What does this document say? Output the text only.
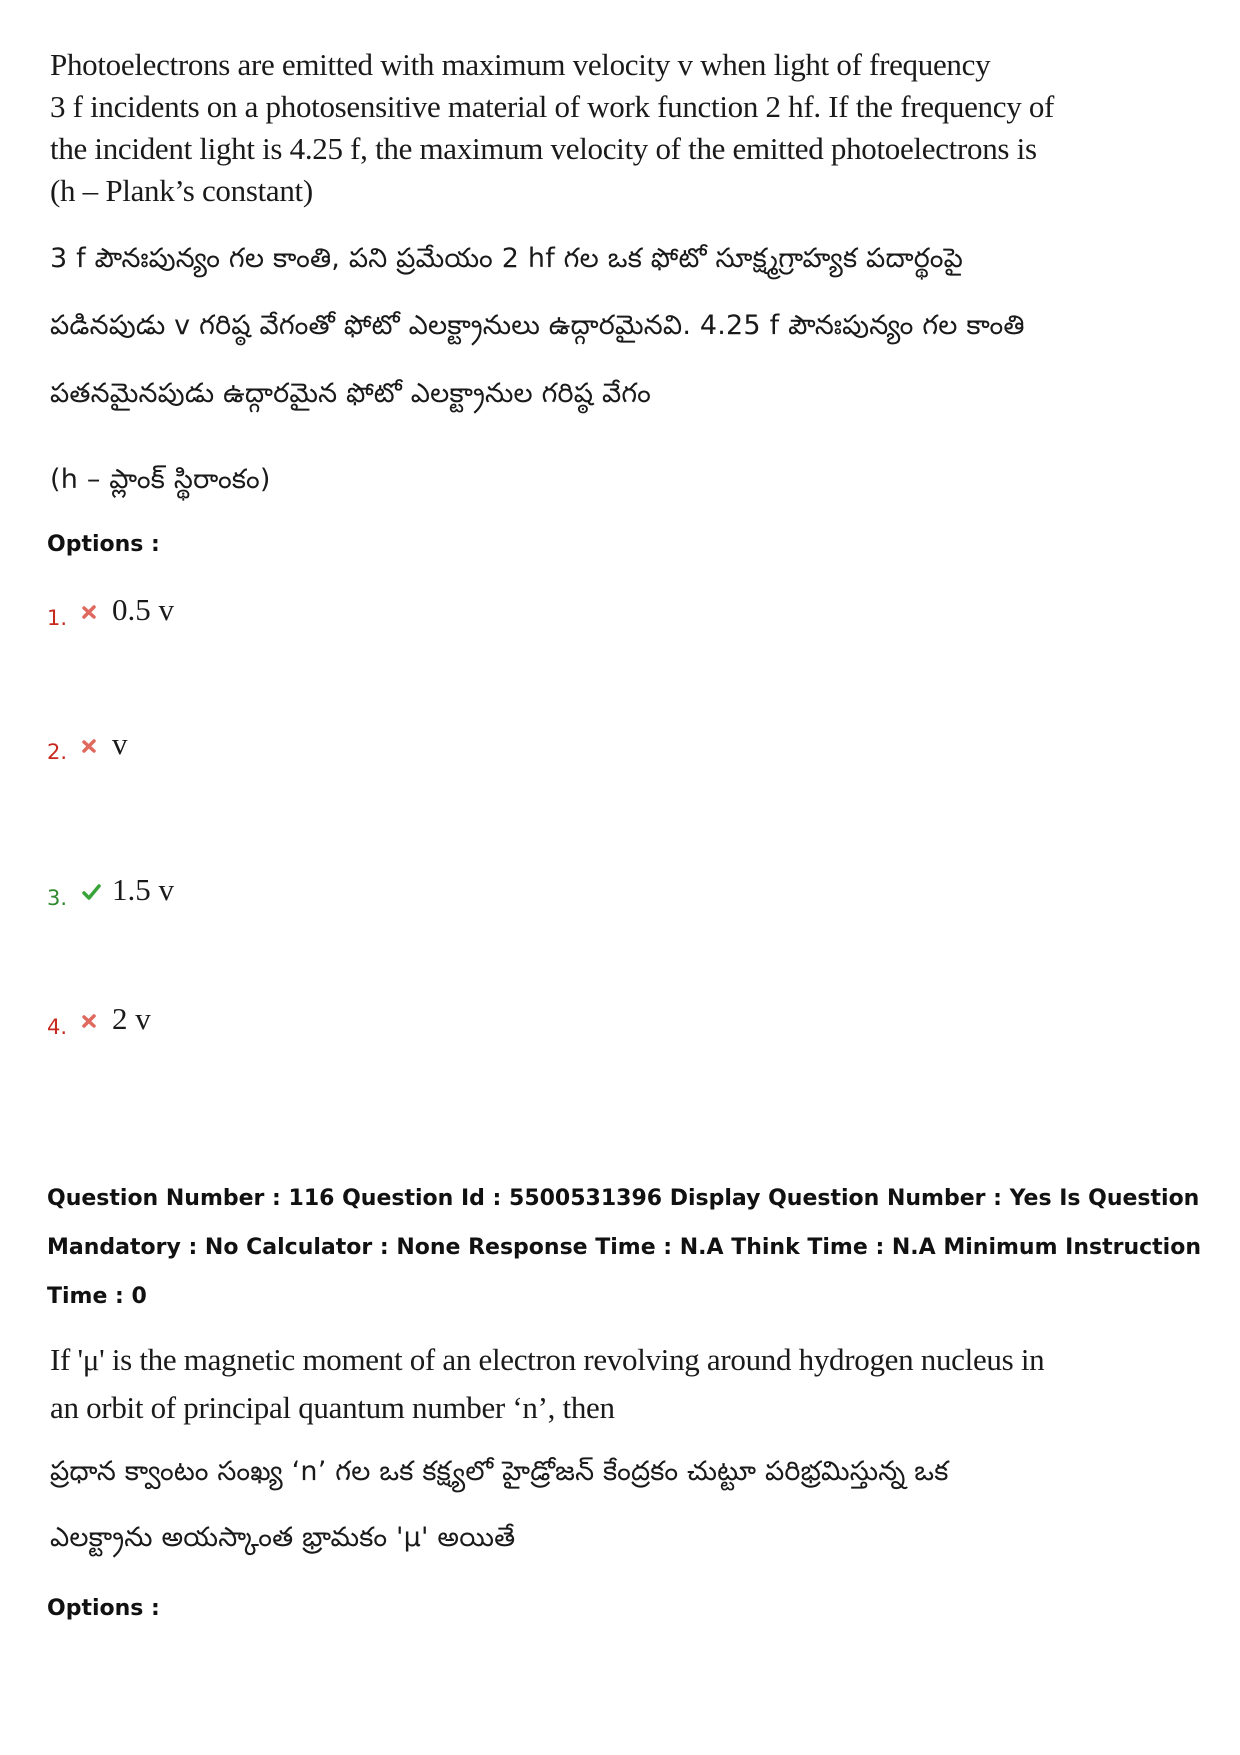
Photoelectrons are emitted with maximum velocity v when light of frequency
3 f incidents on a photosensitive material of work function 2 hf. If the frequency of
the incident light is 4.25 f, the maximum velocity of the emitted photoelectrons is
(h – Plank’s constant)
3 f పౌనఃపున్యం గల కాంతి, పని ప్రమేయం 2 hf గల ఒక ఫోటో సూక్ష్మగ్రాహ్యక పదార్థంపై
పడినపుడు v గరిష్ఠ వేగంతో ఫోటో ఎలక్ట్రానులు ఉద్గారమైనవి. 4.25 f పౌనఃపున్యం గల కాంతి
పతనమైనపుడు ఉద్గారమైన ఫోటో ఎలక్ట్రానుల గరిష్ఠ వేగం
(h – ప్లాంక్ స్థిరాంకం)
Options :
1. 0.5 v
2. v
3. 1.5 v
4. 2 v
Question Number : 116 Question Id : 5500531396 Display Question Number : Yes Is Question
Mandatory : No Calculator : None Response Time : N.A Think Time : N.A Minimum Instruction
Time : 0
If 'μ' is the magnetic moment of an electron revolving around hydrogen nucleus in
an orbit of principal quantum number ‘n’, then
ప్రధాన క్వాంటం సంఖ్య ‘n’ గల ఒక కక్ష్యలో హైడ్రోజన్ కేంద్రకం చుట్టూ పరిభ్రమిస్తున్న ఒక
ఎలక్ట్రాను అయస్కాంత భ్రామకం 'μ' అయితే
Options :
